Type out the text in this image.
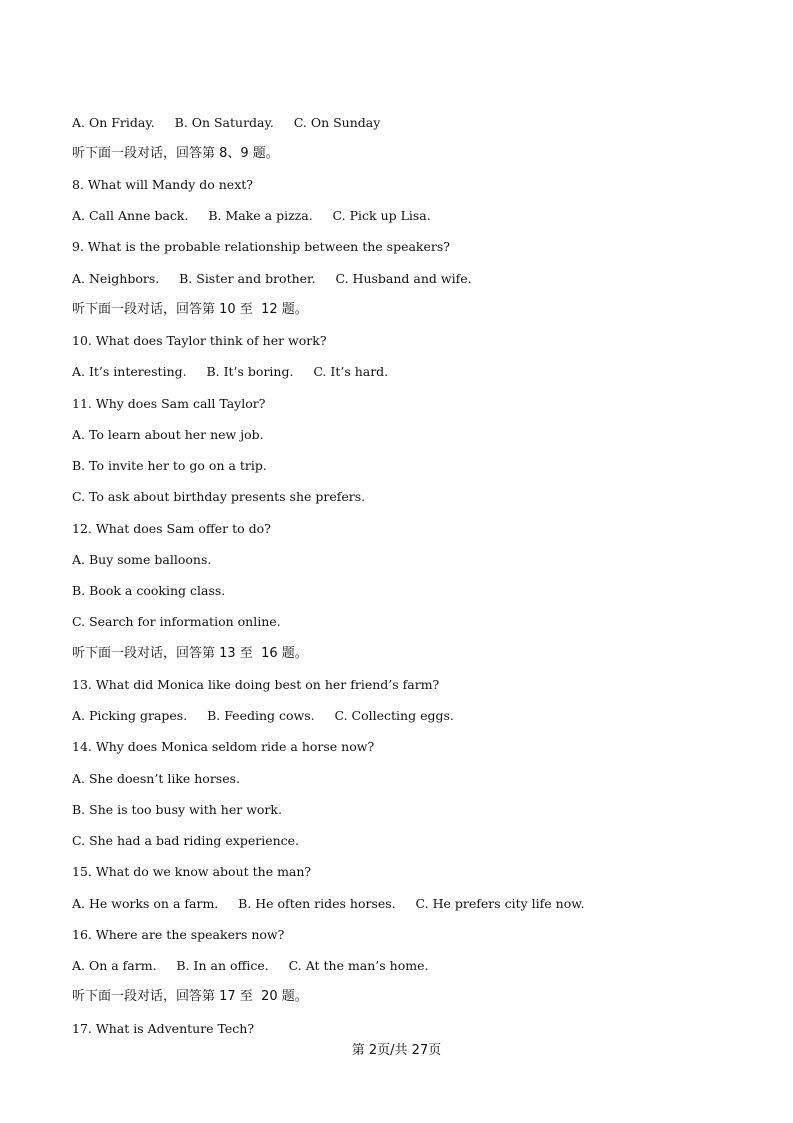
A. On Friday.     B. On Saturday.     C. On Sunday
听下面一段对话，回答第 8、9 题。
8. What will Mandy do next?
A. Call Anne back.     B. Make a pizza.     C. Pick up Lisa.
9. What is the probable relationship between the speakers?
A. Neighbors.     B. Sister and brother.     C. Husband and wife.
听下面一段对话，回答第 10 至  12 题。
10. What does Taylor think of her work?
A. It’s interesting.     B. It’s boring.     C. It’s hard.
11. Why does Sam call Taylor?
A. To learn about her new job.
B. To invite her to go on a trip.
C. To ask about birthday presents she prefers.
12. What does Sam offer to do?
A. Buy some balloons.
B. Book a cooking class.
C. Search for information online.
听下面一段对话，回答第 13 至  16 题。
13. What did Monica like doing best on her friend’s farm?
A. Picking grapes.     B. Feeding cows.     C. Collecting eggs.
14. Why does Monica seldom ride a horse now?
A. She doesn’t like horses.
B. She is too busy with her work.
C. She had a bad riding experience.
15. What do we know about the man?
A. He works on a farm.     B. He often rides horses.     C. He prefers city life now.
16. Where are the speakers now?
A. On a farm.     B. In an office.     C. At the man’s home.
听下面一段对话，回答第 17 至  20 题。
17. What is Adventure Tech?
第 2页/共 27页
